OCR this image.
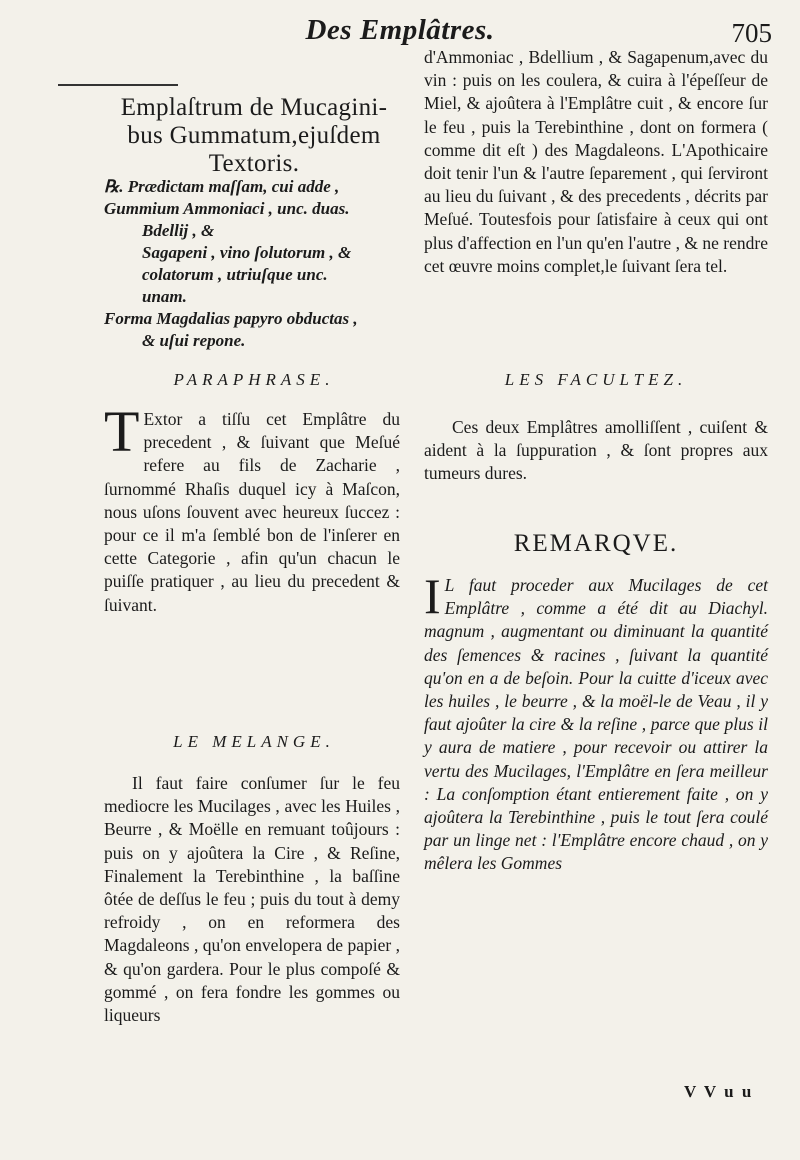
Des Emplâtres.	705
Emplaſtrum de Mucagini-bus Gummatum,ejuſdem Textoris.

℞. Prædictam maſſam, cui adde ,

Gummium Ammoniaci , unc. duas.

Bdellij , &

Sagapeni , vino ſolutorum , &

colatorum , utriuſque unc.

unam.

Forma Magdalias papyro obductas ,

& uſui repone.

PARAPHRASE.
T Extor a tiſſu cet Emplâtre du precedent , & ſuivant que Meſué refere au fils de Zacharie , ſurnommé Rhaſis duquel icy à Maſcon, nous uſons ſouvent avec heureux ſuccez : pour ce il m'a ſemblé bon de l'inſerer en cette Categorie , afin qu'un chacun le puiſſe pratiquer , au lieu du precedent & ſuivant.
LE MELANGE.
Il faut faire conſumer ſur le feu mediocre les Mucilages , avec les Huiles , Beurre , & Moëlle en remuant toûjours : puis on y ajoûtera la Cire , & Reſine, Finalement la Terebinthine , la baſſine ôtée de deſſus le feu ; puis du tout à demy refroidy , on en reformera des Magdaleons , qu'on envelopera de papier , & qu'on gardera. Pour le plus compoſé & gommé , on fera fondre les gommes ou liqueurs
d'Ammoniac , Bdellium , & Sagapenum,avec du vin : puis on les coulera, & cuira à l'épeſſeur de Miel, & ajoûtera à l'Emplâtre cuit , & encore ſur le feu , puis la Terebinthine , dont on formera ( comme dit eſt ) des Magdaleons. L'Apothicaire doit tenir l'un & l'autre ſeparement , qui ſerviront au lieu du ſuivant , & des precedents , décrits par Meſué. Toutesfois pour ſatisfaire à ceux qui ont plus d'affection en l'un qu'en l'autre , & ne rendre cet œuvre moins complet,le ſuivant ſera tel.
LES FACULTEZ.
Ces deux Emplâtres amolliſſent , cuiſent & aident à la ſuppuration , & ſont propres aux tumeurs dures.
REMARQVE.
I L faut proceder aux Mucilages de cet Emplâtre , comme a été dit au Diachyl. magnum , augmentant ou diminuant la quantité des ſemences & racines , ſuivant la quantité qu'on en a de beſoin. Pour la cuitte d'iceux avec les huiles , le beurre , & la moël-le de Veau , il y faut ajoûter la cire & la reſine , parce que plus il y aura de matiere , pour recevoir ou attirer la vertu des Mucilages, l'Emplâtre en ſera meilleur : La conſomption étant entierement faite , on y ajoûtera la Terebinthine , puis le tout ſera coulé par un linge net : l'Emplâtre encore chaud , on y mêlera les Gommes
V V u u
